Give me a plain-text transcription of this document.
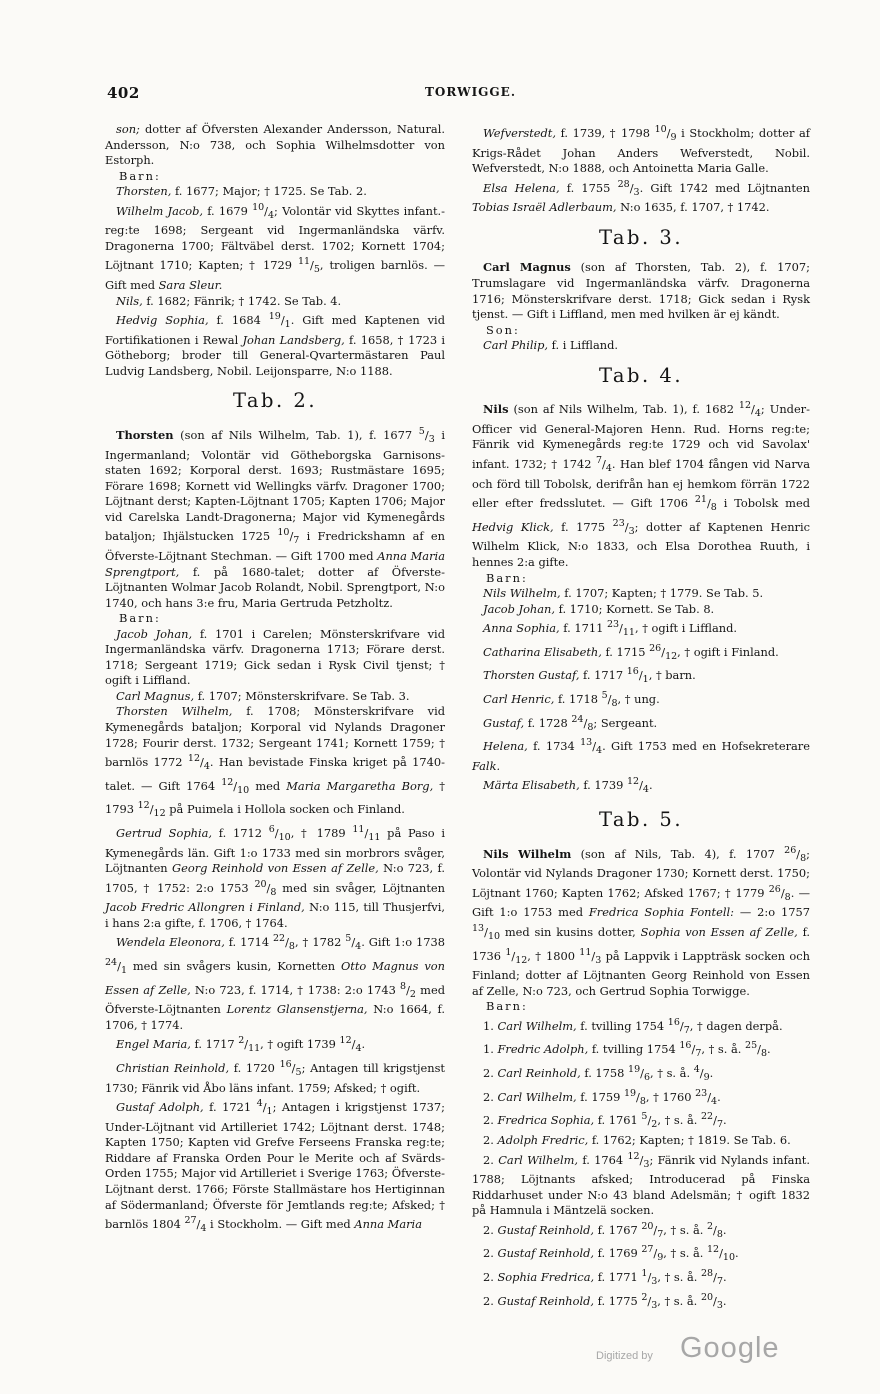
402	TORWIGGE.

son; dotter af Öfversten Alexander Andersson, Natural. Andersson, N:o 738, och Sophia Wilhelmsdotter von Estorph.

Barn:

Thorsten, f. 1677; Major; † 1725. Se Tab. 2.

Wilhelm Jacob, f. 1679 $^{10}/_4$; Volontär vid Skyttes infant.-reg:te 1698; Sergeant vid Ingermanländska värfv. Dragonerna 1700; Fältväbel derst. 1702; Kornett 1704; Löjtnant 1710; Kapten; † 1729 $^{11}/_5$, troligen barnlös. — Gift med Sara Sleur.

Nils, f. 1682; Fänrik; † 1742. Se Tab. 4.

Hedvig Sophia, f. 1684 $^{19}/_1$. Gift med Kaptenen vid Fortifikationen i Rewal Johan Landsberg, f. 1658, † 1723 i Götheborg; broder till General-Qvartermästaren Paul Ludvig Landsberg, Nobil. Leijonsparre, N:o 1188.

Tab. 2.

Thorsten (son af Nils Wilhelm, Tab. 1), f. 1677 $^5/_3$ i Ingermanland; Volontär vid Götheborgska Garnisons-staten 1692; Korporal derst. 1693; Rustmästare 1695; Förare 1698; Kornett vid Wellingks värfv. Dragoner 1700; Löjtnant derst; Kapten-Löjtnant 1705; Kapten 1706; Major vid Carelska Landt-Dragonerna; Major vid Kymenegårds bataljon; Ihjälstucken 1725 $^{10}/_7$ i Fredrickshamn af en Öfverste-Löjtnant Stechman. — Gift 1700 med Anna Maria Sprengtport, f. på 1680-talet; dotter af Öfverste-Löjtnanten Wolmar Jacob Rolandt, Nobil. Sprengtport, N:o 1740, och hans 3:e fru, Maria Gertruda Petzholtz.

Barn:

Jacob Johan, f. 1701 i Carelen; Mönsterskrifvare vid Ingermanländska värfv. Dragonerna 1713; Förare derst. 1718; Sergeant 1719; Gick sedan i Rysk Civil tjenst; † ogift i Liffland.

Carl Magnus, f. 1707; Mönsterskrifvare. Se Tab. 3.

Thorsten Wilhelm, f. 1708; Mönsterskrifvare vid Kymenegårds bataljon; Korporal vid Nylands Dragoner 1728; Fourir derst. 1732; Sergeant 1741; Kornett 1759; † barnlös 1772 $^{12}/_4$. Han bevistade Finska kriget på 1740-talet. — Gift 1764 $^{12}/_{10}$ med Maria Margaretha Borg, † 1793 $^{12}/_{12}$ på Puimela i Hollola socken och Finland.

Gertrud Sophia, f. 1712 $^6/_{10}$, † 1789 $^{11}/_{11}$ på Paso i Kymenegårds län. Gift 1:o 1733 med sin morbrors svåger, Löjtnanten Georg Reinhold von Essen af Zelle, N:o 723, f. 1705, † 1752: 2:o 1753 $^{20}/_8$ med sin svåger, Löjtnanten Jacob Fredric Allongren i Finland, N:o 115, till Thusjerfvi, i hans 2:a gifte, f. 1706, † 1764.

Wendela Eleonora, f. 1714 $^{22}/_8$, † 1782 $^5/_4$. Gift 1:o 1738 $^{24}/_1$ med sin svågers kusin, Kornetten Otto Magnus von Essen af Zelle, N:o 723, f. 1714, † 1738: 2:o 1743 $^8/_2$ med Öfverste-Löjtnanten Lorentz Glansenstjerna, N:o 1664, f. 1706, † 1774.

Engel Maria, f. 1717 $^2/_{11}$, † ogift 1739 $^{12}/_4$.

Christian Reinhold, f. 1720 $^{16}/_5$; Antagen till krigstjenst 1730; Fänrik vid Åbo läns infant. 1759; Afsked; † ogift.

Gustaf Adolph, f. 1721 $^4/_1$; Antagen i krigstjenst 1737; Under-Löjtnant vid Artilleriet 1742; Löjtnant derst. 1748; Kapten 1750; Kapten vid Grefve Ferseens Franska reg:te; Riddare af Franska Orden Pour le Merite och af Svärds-Orden 1755; Major vid Artilleriet i Sverige 1763; Öfverste-Löjtnant derst. 1766; Förste Stallmästare hos Hertiginnan af Södermanland; Öfverste för Jemtlands reg:te; Afsked; † barnlös 1804 $^{27}/_4$ i Stockholm. — Gift med Anna Maria

Wefverstedt, f. 1739, † 1798 $^{10}/_9$ i Stockholm; dotter af Krigs-Rådet Johan Anders Wefverstedt, Nobil. Wefverstedt, N:o 1888, och Antoinetta Maria Galle.

Elsa Helena, f. 1755 $^{28}/_3$. Gift 1742 med Löjtnanten Tobias Israël Adlerbaum, N:o 1635, f. 1707, † 1742.

Tab. 3.

Carl Magnus (son af Thorsten, Tab. 2), f. 1707; Trumslagare vid Ingermanländska värfv. Dragonerna 1716; Mönsterskrifvare derst. 1718; Gick sedan i Rysk tjenst. — Gift i Liffland, men med hvilken är ej kändt.

Son:

Carl Philip, f. i Liffland.

Tab. 4.

Nils (son af Nils Wilhelm, Tab. 1), f. 1682 $^{12}/_4$; Under-Officer vid General-Majoren Henn. Rud. Horns reg:te; Fänrik vid Kymenegårds reg:te 1729 och vid Savolax' infant. 1732; † 1742 $^7/_4$. Han blef 1704 fången vid Narva och förd till Tobolsk, derifrån han ej hemkom förrän 1722 eller efter fredsslutet. — Gift 1706 $^{21}/_8$ i Tobolsk med Hedvig Klick, f. 1775 $^{23}/_3$; dotter af Kaptenen Henric Wilhelm Klick, N:o 1833, och Elsa Dorothea Ruuth, i hennes 2:a gifte.

Barn:

Nils Wilhelm, f. 1707; Kapten; † 1779. Se Tab. 5.

Jacob Johan, f. 1710; Kornett. Se Tab. 8.

Anna Sophia, f. 1711 $^{23}/_{11}$, † ogift i Liffland.

Catharina Elisabeth, f. 1715 $^{26}/_{12}$, † ogift i Finland.

Thorsten Gustaf, f. 1717 $^{16}/_1$, † barn.

Carl Henric, f. 1718 $^5/_8$, † ung.

Gustaf, f. 1728 $^{24}/_8$; Sergeant.

Helena, f. 1734 $^{13}/_4$. Gift 1753 med en Hofsekreterare Falk.

Märta Elisabeth, f. 1739 $^{12}/_4$.

Tab. 5.

Nils Wilhelm (son af Nils, Tab. 4), f. 1707 $^{26}/_8$; Volontär vid Nylands Dragoner 1730; Kornett derst. 1750; Löjtnant 1760; Kapten 1762; Afsked 1767; † 1779 $^{26}/_8$. — Gift 1:o 1753 med Fredrica Sophia Fontell: — 2:o 1757 $^{13}/_{10}$ med sin kusins dotter, Sophia von Essen af Zelle, f. 1736 $^1/_{12}$, † 1800 $^{11}/_3$ på Lappvik i Lappträsk socken och Finland; dotter af Löjtnanten Georg Reinhold von Essen af Zelle, N:o 723, och Gertrud Sophia Torwigge.

Barn:

1. Carl Wilhelm, f. tvilling 1754 $^{16}/_7$, † dagen derpå.

1. Fredric Adolph, f. tvilling 1754 $^{16}/_7$, † s. å. $^{25}/_8$.

2. Carl Reinhold, f. 1758 $^{19}/_6$, † s. å. $^4/_9$.

2. Carl Wilhelm, f. 1759 $^{19}/_8$, † 1760 $^{23}/_4$.

2. Fredrica Sophia, f. 1761 $^5/_2$, † s. å. $^{22}/_7$.

2. Adolph Fredric, f. 1762; Kapten; † 1819. Se Tab. 6.

2. Carl Wilhelm, f. 1764 $^{12}/_3$; Fänrik vid Nylands infant. 1788; Löjtnants afsked; Introducerad på Finska Riddarhuset under N:o 43 bland Adelsmän; † ogift 1832 på Hamnula i Mäntzelä socken.

2. Gustaf Reinhold, f. 1767 $^{20}/_7$, † s. å. $^2/_8$.

2. Gustaf Reinhold, f. 1769 $^{27}/_9$, † s. å. $^{12}/_{10}$.

2. Sophia Fredrica, f. 1771 $^1/_3$, † s. å. $^{28}/_7$.

2. Gustaf Reinhold, f. 1775 $^2/_3$, † s. å. $^{20}/_3$.

Digitized by Google
